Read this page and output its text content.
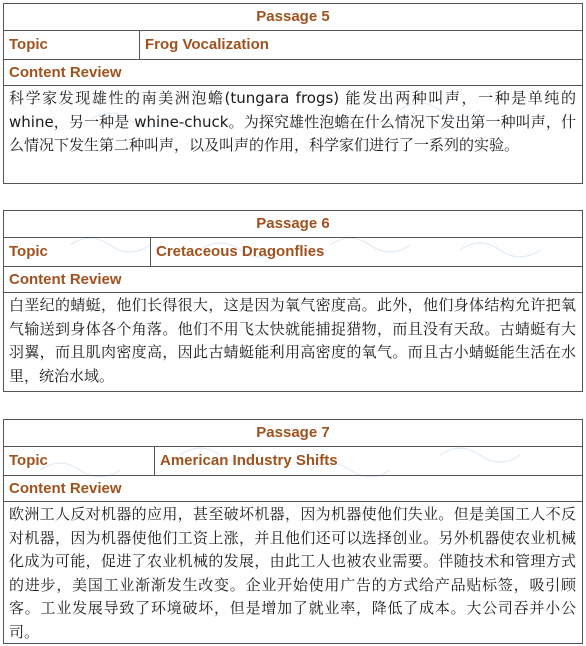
Passage 5
Topic	Frog Vocalization
Content Review
科学家发现雄性的南美洲泡蟾(tungara frogs) 能发出两种叫声，一种是单纯的 whine，另一种是 whine-chuck。为探究雄性泡蟾在什么情况下发出第一种叫声，什么情况下发生第二种叫声，以及叫声的作用，科学家们进行了一系列的实验。
Passage 6
Topic	Cretaceous Dragonflies
Content Review
白垩纪的蜻蜓，他们长得很大，这是因为氧气密度高。此外，他们身体结构允许把氧气输送到身体各个角落。他们不用飞太快就能捕捉猎物，而且没有天敌。古蜻蜓有大羽翼，而且肌肉密度高，因此古蜻蜓能利用高密度的氧气。而且古小蜻蜓能生活在水里，统治水域。
Passage 7
Topic	American Industry Shifts
Content Review
欧洲工人反对机器的应用，甚至破坏机器，因为机器使他们失业。但是美国工人不反对机器，因为机器使他们工资上涨，并且他们还可以选择创业。另外机器使农业机械化成为可能，促进了农业机械的发展，由此工人也被农业需要。伴随技术和管理方式的进步，美国工业渐渐发生改变。企业开始使用广告的方式给产品贴标签，吸引顾客。工业发展导致了环境破坏，但是增加了就业率，降低了成本。大公司吞并小公司。
